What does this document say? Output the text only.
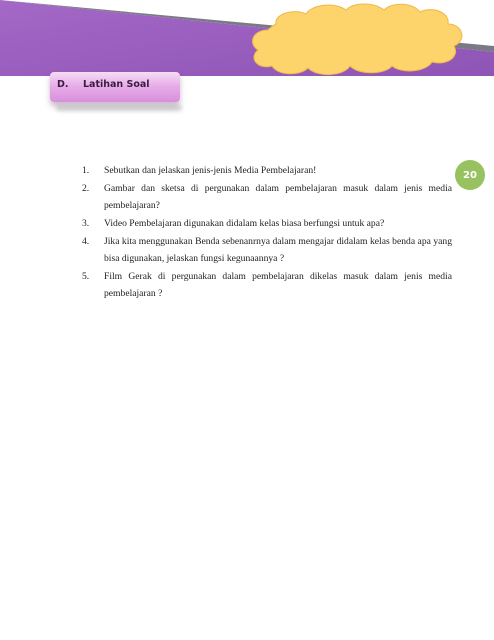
D. Latihan Soal
20
1.	Sebutkan dan jelaskan jenis-jenis Media Pembelajaran!
2.	Gambar dan sketsa di pergunakan dalam pembelajaran masuk dalam jenis media pembelajaran?
3.	Video Pembelajaran digunakan didalam kelas biasa berfungsi untuk apa?
4.	Jika kita menggunakan Benda sebenanrnya dalam mengajar didalam kelas benda apa yang bisa digunakan, jelaskan fungsi kegunaannya ?
5.	Film Gerak di pergunakan dalam pembelajaran dikelas masuk dalam jenis media pembelajaran ?
